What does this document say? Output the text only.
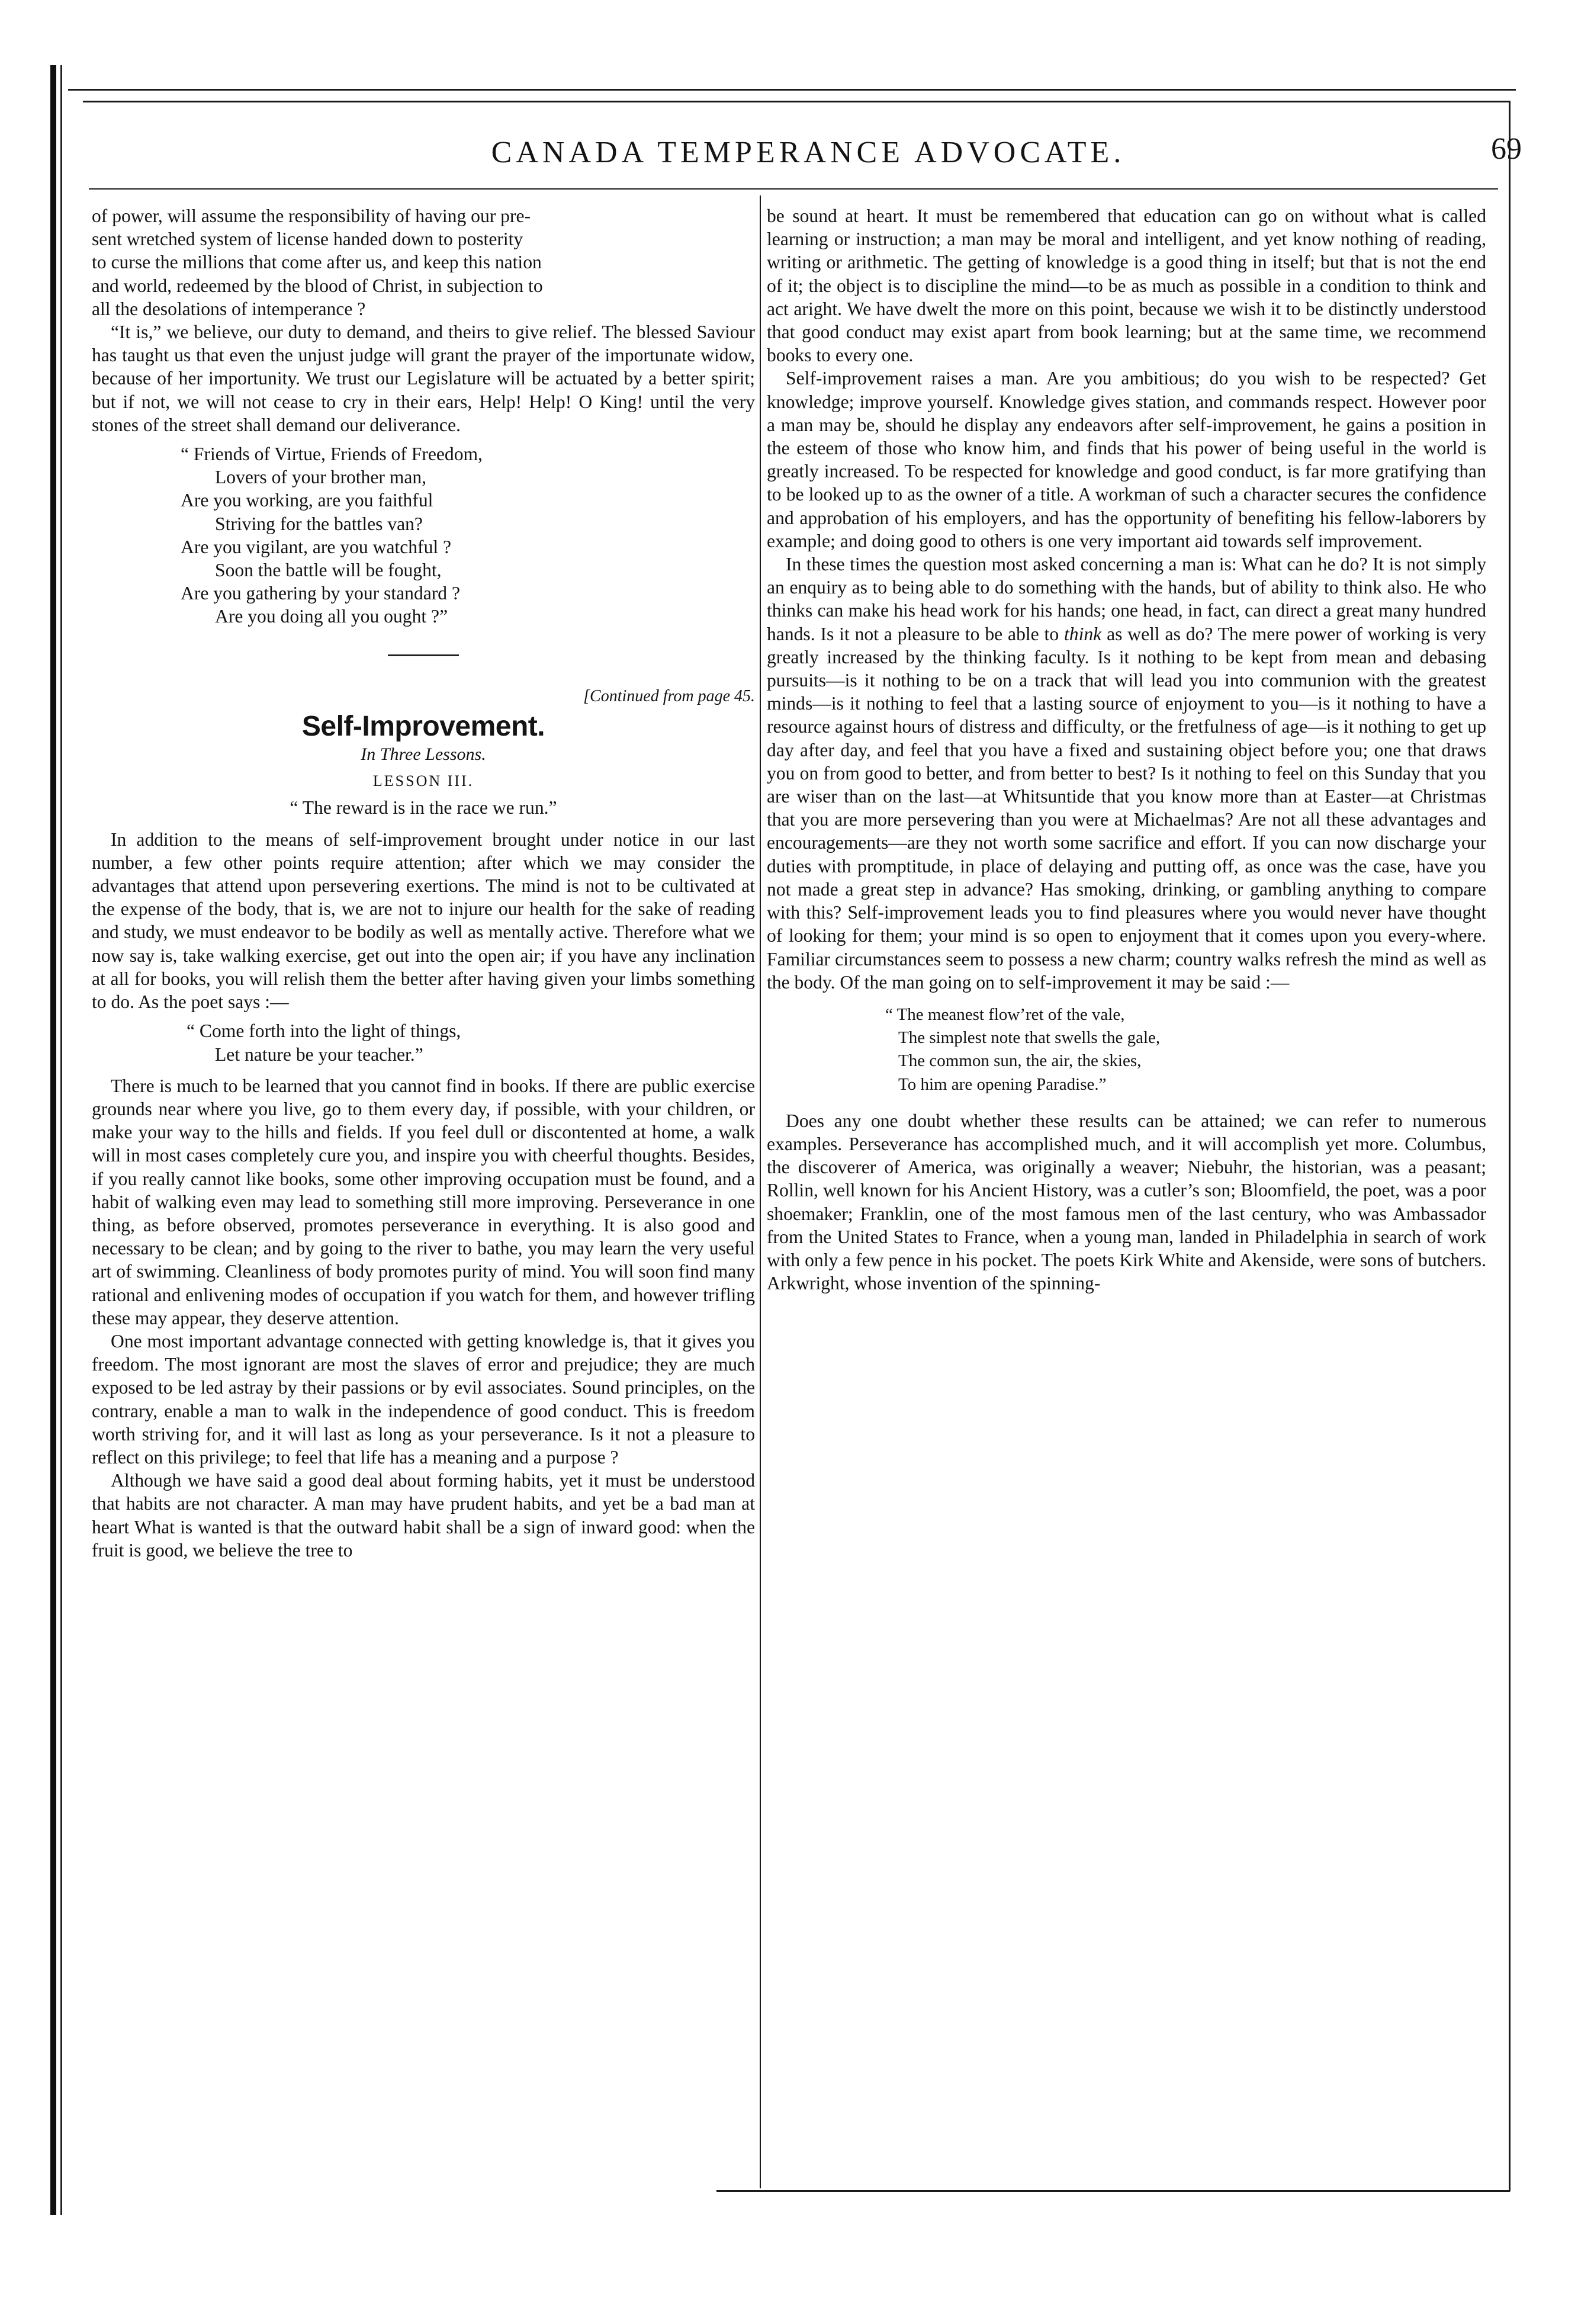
CANADA TEMPERANCE ADVOCATE.	69
of power, will assume the responsibility of having our pre-
sent wretched system of license handed down to posterity
to curse the millions that come after us, and keep this nation
and world, redeemed by the blood of Christ, in subjection to
all the desolations of intemperance ?

“It is,” we believe, our duty to demand, and theirs to give relief. The blessed Saviour has taught us that even the unjust judge will grant the prayer of the importunate widow, because of her importunity. We trust our Legislature will be actuated by a better spirit; but if not, we will not cease to cry in their ears, Help! Help! O King! until the very stones of the street shall demand our deliverance.

“ Friends of Virtue, Friends of Freedom,
Lovers of your brother man,
Are you working, are you faithful
Striving for the battles van?
Are you vigilant, are you watchful ?
Soon the battle will be fought,
Are you gathering by your standard ?
Are you doing all you ought ?”
[Continued from page 45.
Self-Improvement.
In Three Lessons.
LESSON III.
“ The reward is in the race we run.”

In addition to the means of self-improvement brought under notice in our last number, a few other points require attention; after which we may consider the advantages that attend upon persevering exertions. The mind is not to be cultivated at the expense of the body, that is, we are not to injure our health for the sake of reading and study, we must endeavor to be bodily as well as mentally active. Therefore what we now say is, take walking exercise, get out into the open air; if you have any inclination at all for books, you will relish them the better after having given your limbs something to do. As the poet says :—

“ Come forth into the light of things,
Let nature be your teacher.”

There is much to be learned that you cannot find in books. If there are public exercise grounds near where you live, go to them every day, if possible, with your children, or make your way to the hills and fields. If you feel dull or discontented at home, a walk will in most cases completely cure you, and inspire you with cheerful thoughts. Besides, if you really cannot like books, some other improving occupation must be found, and a habit of walking even may lead to something still more improving. Perseverance in one thing, as before observed, promotes perseverance in everything. It is also good and necessary to be clean; and by going to the river to bathe, you may learn the very useful art of swimming. Cleanliness of body promotes purity of mind. You will soon find many rational and enlivening modes of occupation if you watch for them, and however trifling these may appear, they deserve attention.

One most important advantage connected with getting knowledge is, that it gives you freedom. The most ignorant are most the slaves of error and prejudice; they are much exposed to be led astray by their passions or by evil associates. Sound principles, on the contrary, enable a man to walk in the independence of good conduct. This is freedom worth striving for, and it will last as long as your perseverance. Is it not a pleasure to reflect on this privilege; to feel that life has a meaning and a purpose ?

Although we have said a good deal about forming habits, yet it must be understood that habits are not character. A man may have prudent habits, and yet be a bad man at heart What is wanted is that the outward habit shall be a sign of inward good: when the fruit is good, we believe the tree to

be sound at heart. It must be remembered that education can go on without what is called learning or instruction; a man may be moral and intelligent, and yet know nothing of reading, writing or arithmetic. The getting of knowledge is a good thing in itself; but that is not the end of it; the object is to discipline the mind—to be as much as possible in a condition to think and act aright. We have dwelt the more on this point, because we wish it to be distinctly understood that good conduct may exist apart from book learning; but at the same time, we recommend books to every one.

Self-improvement raises a man. Are you ambitious; do you wish to be respected? Get knowledge; improve yourself. Knowledge gives station, and commands respect. However poor a man may be, should he display any endeavors after self-improvement, he gains a position in the esteem of those who know him, and finds that his power of being useful in the world is greatly increased. To be respected for knowledge and good conduct, is far more gratifying than to be looked up to as the owner of a title. A workman of such a character secures the confidence and approbation of his employers, and has the opportunity of benefiting his fellow-laborers by example; and doing good to others is one very important aid towards self improvement.

In these times the question most asked concerning a man is: What can he do? It is not simply an enquiry as to being able to do something with the hands, but of ability to think also. He who thinks can make his head work for his hands; one head, in fact, can direct a great many hundred hands. Is it not a pleasure to be able to think as well as do? The mere power of working is very greatly increased by the thinking faculty. Is it nothing to be kept from mean and debasing pursuits—is it nothing to be on a track that will lead you into communion with the greatest minds—is it nothing to feel that a lasting source of enjoyment to you—is it nothing to have a resource against hours of distress and difficulty, or the fretfulness of age—is it nothing to get up day after day, and feel that you have a fixed and sustaining object before you; one that draws you on from good to better, and from better to best? Is it nothing to feel on this Sunday that you are wiser than on the last—at Whitsuntide that you know more than at Easter—at Christmas that you are more persevering than you were at Michaelmas? Are not all these advantages and encouragements—are they not worth some sacrifice and effort. If you can now discharge your duties with promptitude, in place of delaying and putting off, as once was the case, have you not made a great step in advance? Has smoking, drinking, or gambling anything to compare with this? Self-improvement leads you to find pleasures where you would never have thought of looking for them; your mind is so open to enjoyment that it comes upon you every-where. Familiar circumstances seem to possess a new charm; country walks refresh the mind as well as the body. Of the man going on to self-improvement it may be said :—

“ The meanest flow’ret of the vale,
The simplest note that swells the gale,
The common sun, the air, the skies,
To him are opening Paradise.”

Does any one doubt whether these results can be attained; we can refer to numerous examples. Perseverance has accomplished much, and it will accomplish yet more. Columbus, the discoverer of America, was originally a weaver; Niebuhr, the historian, was a peasant; Rollin, well known for his Ancient History, was a cutler’s son; Bloomfield, the poet, was a poor shoemaker; Franklin, one of the most famous men of the last century, who was Ambassador from the United States to France, when a young man, landed in Philadelphia in search of work with only a few pence in his pocket. The poets Kirk White and Akenside, were sons of butchers. Arkwright, whose invention of the spinning-
